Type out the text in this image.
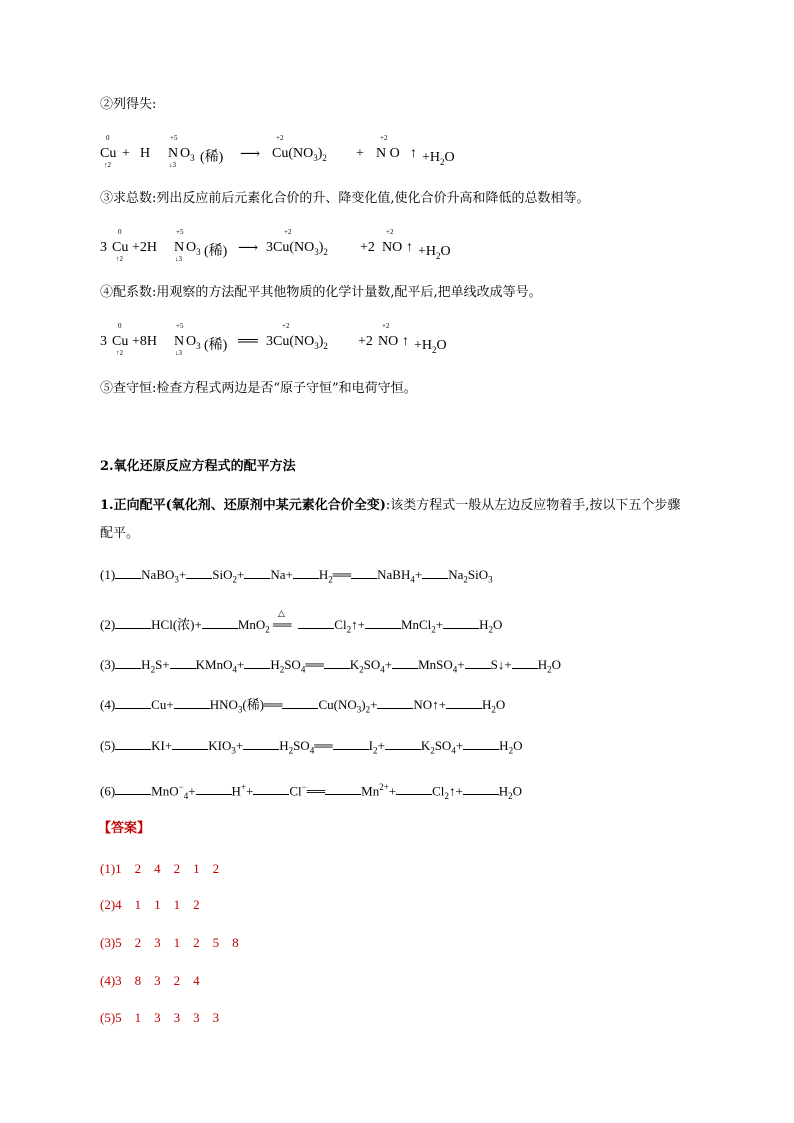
②列得失:
0
Cu
↑2
+ H
+5
N
↓3
$O_3$ (稀) ⟶
+2
$Cu(NO_3)_2$ +
+2
N O ↑ $+H_2O$
③求总数:列出反应前后元素化合价的升、降变化值,使化合价升高和降低的总数相等。
3
0
Cu
↑2
+2H
+5
N
↓3
$O_3$ (稀) ⟶
+2
$3Cu(NO_3)_2 +2$
+2
NO ↑ $+H_2O$
④配系数:用观察的方法配平其他物质的化学计量数,配平后,把单线改成等号。
3
0
Cu
↑2
+8H
+5
N
↓3
$O_3$ (稀) ══
+2
$3Cu(NO_3)_2 +2$
+2
NO ↑ $+H_2O$
⑤查守恒:检查方程式两边是否“原子守恒”和电荷守恒。
2.氧化还原反应方程式的配平方法
1.正向配平(氧化剂、还原剂中某元素化合价全变):该类方程式一般从左边反应物着手,按以下五个步骤
配平。
(1) NaBO$_3$+ $SiO_2+ Na+ H_2══$ NaBH$_4$+ $Na_2SiO_3$
(2)	HCl(浓)+	MnO$_2$
△
══	$Cl_2↑+$	MnCl$_2$+	$H_2O$
(3) $H_2S+$ KMnO$_4$+ $H_2SO_4══$ $K_2SO_4+$ MnSO$_4$+ S↓+ $H_2O$
(4)	Cu+	$HNO_3$(稀)══	$Cu(NO_3)_2+$	NO↑+	$H_2O$
(5)	KI+	$KIO_3+$	$H_2SO_4══$	$I_2+$	$K_2SO_4+$	$H_2O$
(6)	MnO−$_4$+	H++	Cl−══	$Mn^{2+}+$	$Cl_2↑+$	$H_2O$
【答案】
(1)1　2　4　2　1　2
(2)4　1　1　1　2
(3)5　2　3　1　2　5　8
(4)3　8　3　2　4
(5)5　1　3　3　3　3
